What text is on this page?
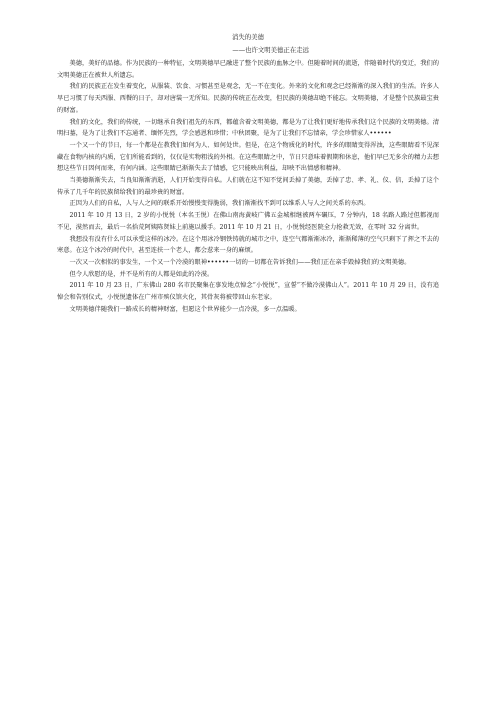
消失的美德

——也许文明美德正在走远

美德，美好的品德。作为民族的一种特征，文明美德早已融进了整个民族的血脉之中。但随着时间的流逝，伴随着时代的变迁，我们的文明美德正在被世人所遗忘。

我们的民族正在发生着变化，从服装、饮食、习惯甚至是观念，无一不在变化。外来的文化和观念已经渐渐的深入我们的生活。许多人早已习惯了每天西服、西餐的日子，却对唐装一无所知。民族的传统正在改变，但民族的美德却绝不能忘。文明美德，才是整个民族最宝贵的财富。

我们的文化，我们的传统，一切继承自我们祖先的东西，都蕴含着文明美德，都是为了让我们更好地传承我们这个民族的文明美德。清明扫墓，是为了让我们不忘通者、缅怀先烈，学会感恩和珍惜；中秋团聚，是为了让我们不忘情亲，学会珍惜家人••••••

一个又一个的节日，每一个都是在教我们如何为人、如何处世。但是，在这个物质化的时代，许多的眼睛变得浑浊，这些眼睛看不见深藏在食物内核的内质，它们所能看到的，仅仅是实物粗浅的外相。在这些眼睛之中，节日只意味着假期和休息，他们早已无多余的精力去想想这些节日因何而来，有何内涵。这些眼睛已渐渐失去了情感，它只能映出利益，却映不出情感和精神。

当美德渐渐失去，当良知渐渐消逝，人们开始变得自私。人们就在这不知不觉间丢掉了美德，丢掉了忠、孝、礼、仪、信，丢掉了这个传承了几千年的民族留给我们的最珍贵的财富。

正因为人们的自私，人与人之间的联系开始慢慢变得脆弱，我们渐渐找不到可以维系人与人之间关系的东西。

2011 年 10 月 13 日，2 岁的小悦悦（本名王悦）在佛山南海黄岐广佛五金城相继被两车碾压，7 分钟内，18 名路人路过但都视而不见，漠然而去，最后一名拾荒阿姨陈贤妹上前施以援手。2011 年 10 月 21 日，小悦悦经医院全力抢救无效，在零时 32 分离世。

我想没有没有什么可以承受这样的冰冷。在这个用冰冷钢铁铸就的城市之中，连空气都渐渐冰冷，渐渐稀薄的空气只剩下了挥之不去的寒意。在这个冰冷的时代中，甚至连扶一个老人，都会惹来一身的麻烦。

一次又一次相似的事发生，一个又一个冷漠的眼神••••••一切的一切都在告诉我们——我们正在亲手毁掉我们的文明美德。

但令人欣慰的是，并不是所有的人都是如此的冷漠。

2011 年 10 月 23 日，广东佛山 280 名市民聚集在事发地点悼念“小悦悦”，宣誓“不做冷漠佛山人”。2011 年 10 月 29 日，没有追悼会和告别仪式，小悦悦遗体在广州市殡仪馆火化，其骨灰将被带回山东老家。

文明美德伴随我们一路成长的精神财富，但愿这个世界能少一点冷漠，多一点温暖。
